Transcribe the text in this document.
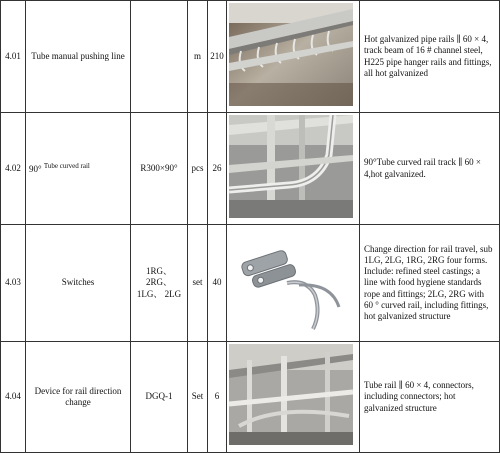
4.01	Tube manual pushing line		m	210		Hot galvanized pipe rails ∥ 60 × 4, track beam of 16 # channel steel, H225 pipe hanger rails and fittings, all hot galvanized
4.02	90° $^{Tube curved rail}$	R300×90°	pcs	26		90°Tube curved rail track ∥ 60 × 4,hot galvanized.
4.03	Switches	1RG、2RG、 1LG、 2LG	set	40		Change direction for rail travel, sub 1LG, 2LG, 1RG, 2RG four forms. Include: refined steel castings; a line with food hygiene standards rope and fittings; 2LG, 2RG with 60 ° curved rail, including fittings, hot galvanized structure
4.04	Device for rail direction change	DGQ-1	Set	6		Tube rail ∥ 60 × 4, connectors, including connectors; hot galvanized structure
